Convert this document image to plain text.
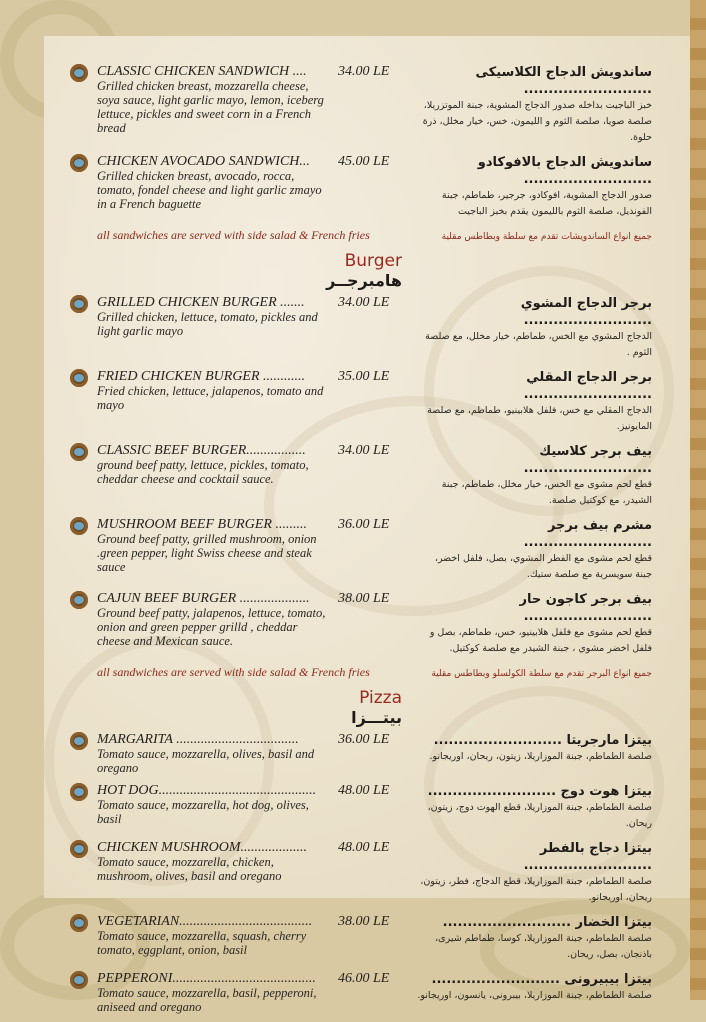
CLASSIC CHICKEN SANDWICH ....
Grilled chicken breast, mozzarella cheese, soya sauce, light garlic mayo, lemon, iceberg lettuce, pickles and sweet corn in a French bread
34.00 LE	ساندويش الدجاج الكلاسيكى ..........................
خبز الباجيت بداخله صدور الدجاج المشوية، جبنة الموتزريلا، صلصة صويا، صلصة الثوم و الليمون، خس، خيار مخلل، ذرة حلوة.
CHICKEN AVOCADO SANDWICH...
Grilled chicken breast, avocado, rocca, tomato, fondel cheese and light garlic zmayo in a French baguette
45.00 LE	ساندويش الدجاج بالافوكادو ..........................
صدور الدجاج المشوية، افوكادو، جرجير، طماطم، جبنة الفونديل، صلصة الثوم بالليمون يقدم بخبز الباجيت
all sandwiches are served with side salad & French fries	جميع انواع الساندويشات تقدم مع سلطة وبطاطس مقلية
Burger
هامبرجــر
GRILLED CHICKEN BURGER .......
Grilled chicken, lettuce, tomato, pickles and light garlic mayo
34.00 LE	برجر الدجاج المشوي ..........................
الدجاج المشوي مع الخس، طماطم، خيار مخلل، مع صلصة الثوم .
FRIED CHICKEN BURGER ............
Fried chicken, lettuce, jalapenos, tomato and mayo
35.00 LE	برجر الدجاج المقلي ..........................
الدجاج المقلي مع خس، فلفل هلابينيو، طماطم، مع صلصة المايونيز.
CLASSIC BEEF BURGER.................
ground beef patty, lettuce, pickles, tomato, cheddar cheese and cocktail sauce.
34.00 LE	بيف برجر كلاسيك ..........................
قطع لحم مشوى مع الخس، خيار مخلل، طماطم، جبنة الشيدر، مع كوكتيل صلصة.
MUSHROOM BEEF BURGER .........
Ground beef patty, grilled mushroom, onion .green pepper, light Swiss cheese and steak sauce
36.00 LE	مشرم بيف برجر ..........................
قطع لحم مشوى مع الفطر المشوي، بصل، فلفل اخضر، جبنة سويسرية مع صلصة ستيك.
CAJUN BEEF BURGER ....................
Ground beef patty, jalapenos, lettuce, tomato, onion and green pepper grilld , cheddar cheese and Mexican sauce.
38.00 LE	بيف برجر كاجون حار ..........................
قطع لحم مشوى مع فلفل هلابينيو، خس، طماطم، بصل و فلفل اخضر مشوي ، جبنة الشيدر مع صلصة كوكتيل.
all sandwiches are served with side salad & French fries	جميع انواع البرجر تقدم مع سلطة الكولسلو وبطاطس مقلية
Pizza
بيتـــزا
MARGARITA ...................................
Tomato sauce, mozzarella, olives, basil and oregano
36.00 LE	بيتزا مارجريتا ..........................
صلصة الطماطم، جبنة الموزاريلا، زيتون، ريحان، اوريجانو.
HOT DOG.............................................
Tomato sauce, mozzarella, hot dog, olives, basil
48.00 LE	بيتزا هوت دوج ..........................
صلصة الطماطم، جبنة الموزاريلا، قطع الهوت دوج، زيتون، ريحان.
CHICKEN MUSHROOM...................
Tomato sauce, mozzarella, chicken, mushroom, olives, basil and oregano
48.00 LE	بيتزا دجاج بالفطر ..........................
صلصة الطماطم، جبنة الموزاريلا، قطع الدجاج، فطر، زيتون، ريحان، اوريجانو.
VEGETARIAN......................................
Tomato sauce, mozzarella, squash, cherry tomato, eggplant, onion, basil
38.00 LE	بيتزا الخضار ..........................
صلصة الطماطم، جبنة الموزاريلا، كوسا، طماطم شيرى، باذنجان، بصل، ريحان.
PEPPERONI.........................................
Tomato sauce, mozzarella, basil, pepperoni, aniseed and oregano
46.00 LE	بيتزا بيبيرونى ..........................
صلصة الطماطم، جبنة الموزاريلا، بيبرونى، يانسون، اوريجانو.
